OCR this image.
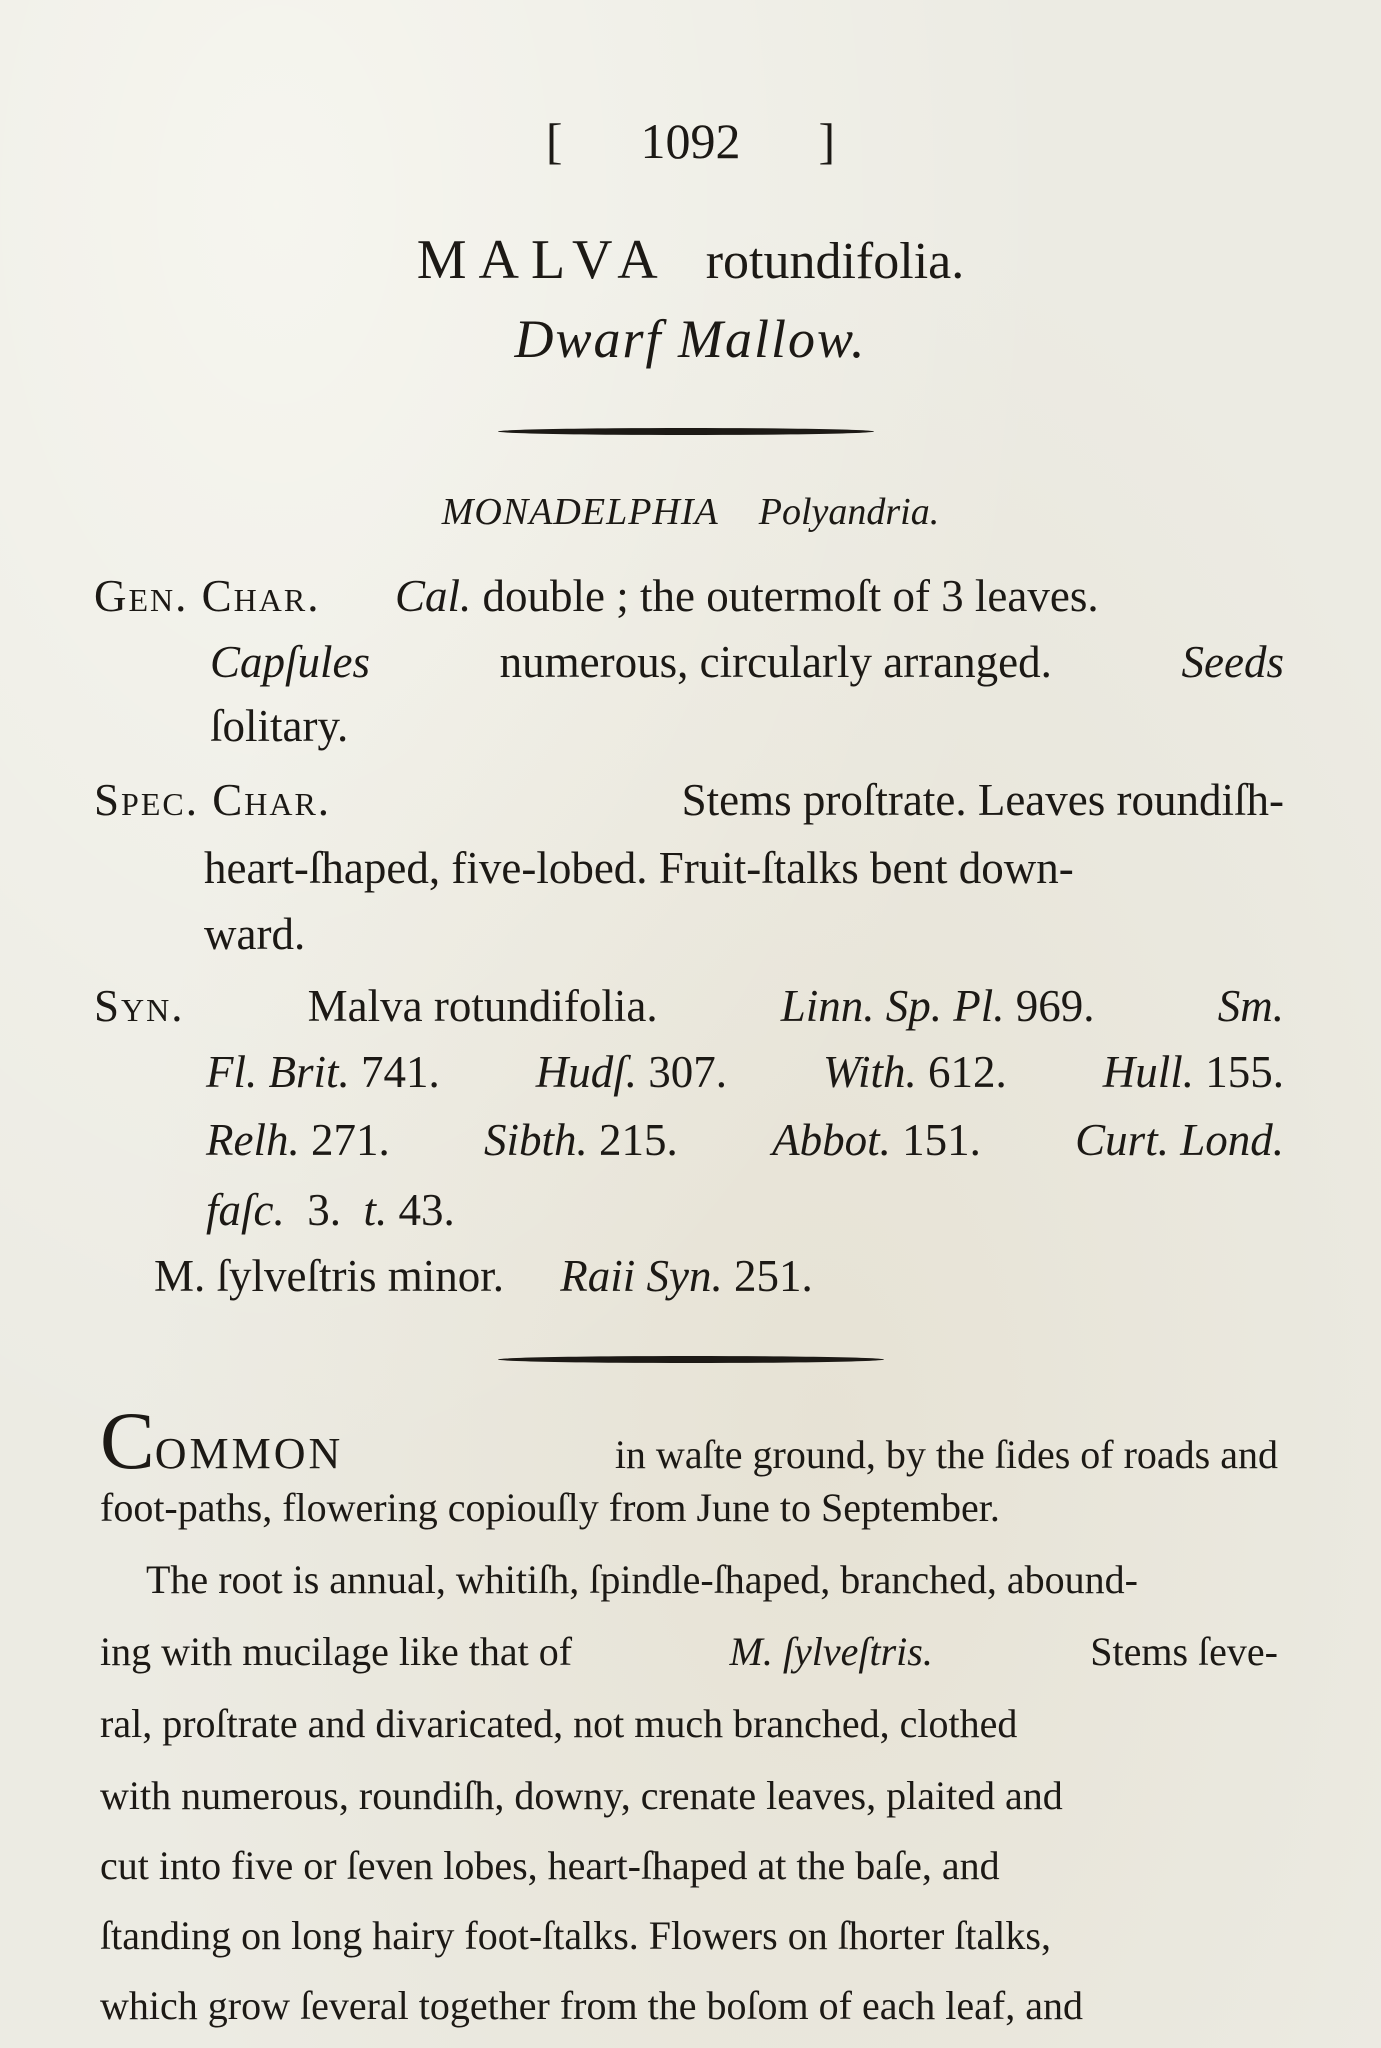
[ 1092 ]
MALVA rotundifolia.
Dwarf Mallow.
MONADELPHIA Polyandria.
Gen. Char. Cal. double ; the outermoſt of 3 leaves.
Capſules	numerous, circularly arranged.	Seeds
ſolitary.
Spec. Char.	Stems proſtrate. Leaves roundiſh-
heart-ſhaped, five-lobed. Fruit-ſtalks bent down-
ward.
Syn.	Malva rotundifolia.	Linn. Sp. Pl. 969.	Sm.
Fl. Brit. 741. Hudſ. 307. With. 612. Hull. 155.
Relh. 271. Sibth. 215. Abbot. 151. Curt. Lond.
faſc. 3. t. 43.
M. ſylveſtris minor. Raii Syn. 251.
COMMON	in waſte ground, by the ſides of roads and
foot-paths, flowering copiouſly from June to September.
The root is annual, whitiſh, ſpindle-ſhaped, branched, abound-
ing with mucilage like that of	M. ſylveſtris.	Stems ſeve-
ral, proſtrate and divaricated, not much branched, clothed
with numerous, roundiſh, downy, crenate leaves, plaited and
cut into five or ſeven lobes, heart-ſhaped at the baſe, and
ſtanding on long hairy foot-ſtalks. Flowers on ſhorter ſtalks,
which grow ſeveral together from the boſom of each leaf, and
